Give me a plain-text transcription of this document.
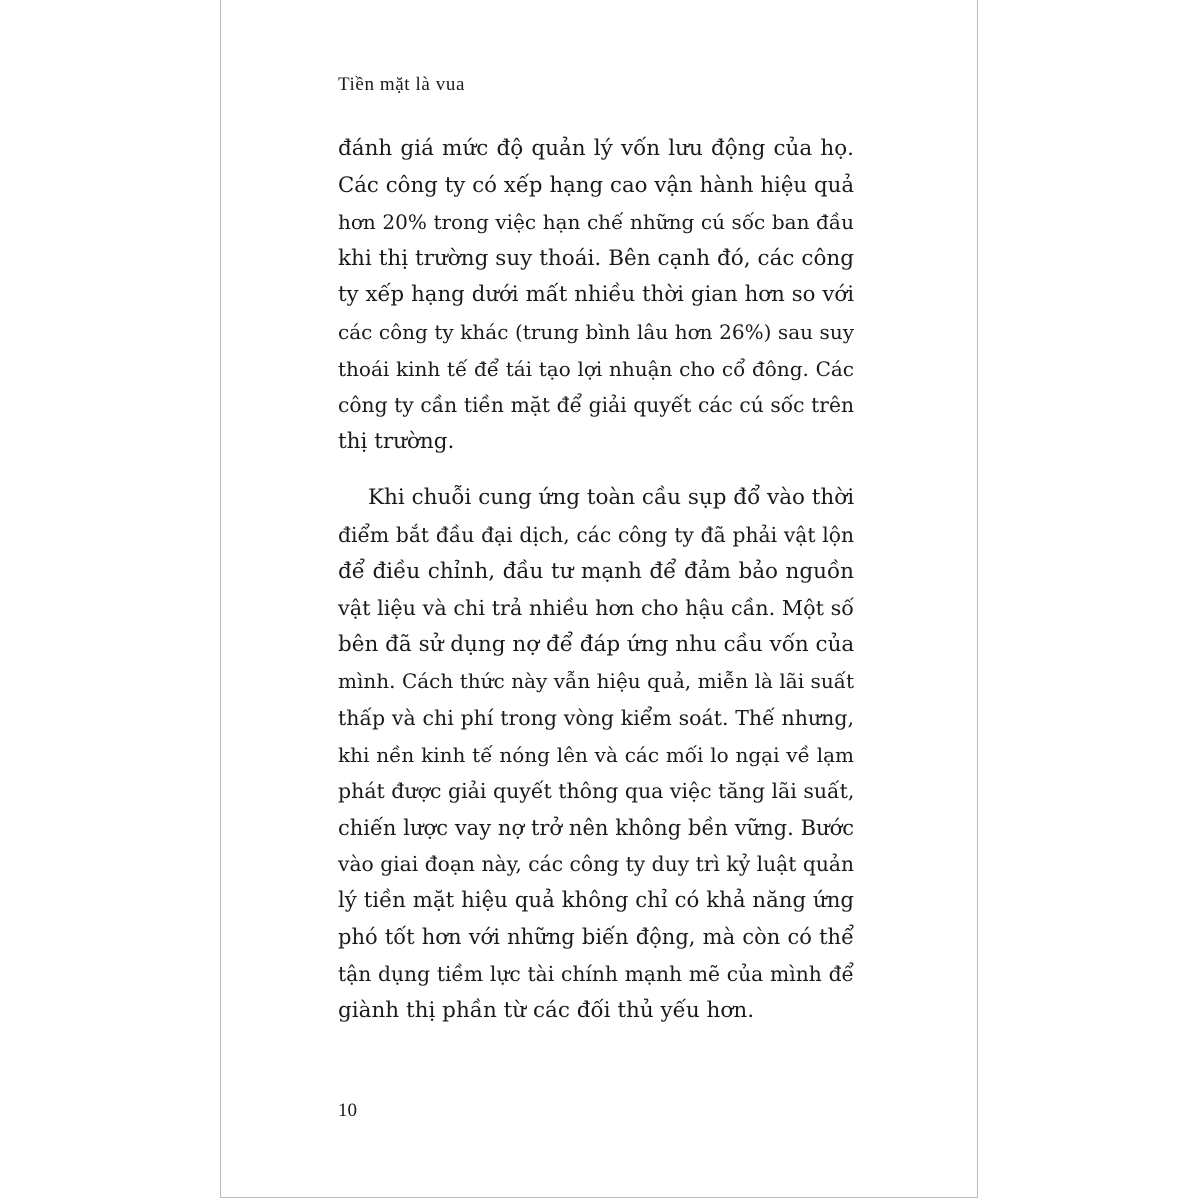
Tiền mặt là vua
đánh giá mức độ quản lý vốn lưu động của họ.
Các công ty có xếp hạng cao vận hành hiệu quả
hơn 20% trong việc hạn chế những cú sốc ban đầu
khi thị trường suy thoái. Bên cạnh đó, các công
ty xếp hạng dưới mất nhiều thời gian hơn so với
các công ty khác (trung bình lâu hơn 26%) sau suy
thoái kinh tế để tái tạo lợi nhuận cho cổ đông. Các
công ty cần tiền mặt để giải quyết các cú sốc trên
thị trường.
Khi chuỗi cung ứng toàn cầu sụp đổ vào thời
điểm bắt đầu đại dịch, các công ty đã phải vật lộn
để điều chỉnh, đầu tư mạnh để đảm bảo nguồn
vật liệu và chi trả nhiều hơn cho hậu cần. Một số
bên đã sử dụng nợ để đáp ứng nhu cầu vốn của
mình. Cách thức này vẫn hiệu quả, miễn là lãi suất
thấp và chi phí trong vòng kiểm soát. Thế nhưng,
khi nền kinh tế nóng lên và các mối lo ngại về lạm
phát được giải quyết thông qua việc tăng lãi suất,
chiến lược vay nợ trở nên không bền vững. Bước
vào giai đoạn này, các công ty duy trì kỷ luật quản
lý tiền mặt hiệu quả không chỉ có khả năng ứng
phó tốt hơn với những biến động, mà còn có thể
tận dụng tiềm lực tài chính mạnh mẽ của mình để
giành thị phần từ các đối thủ yếu hơn.
10
